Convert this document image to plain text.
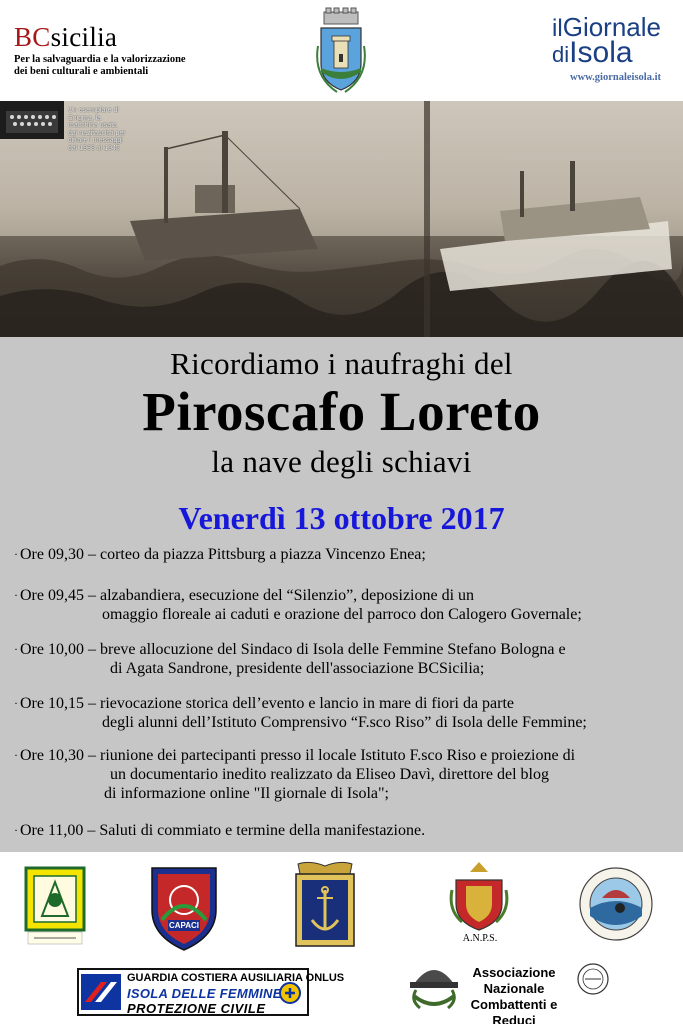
BCsicilia
Per la salvaguardia e la valorizzazione
dei beni culturali e ambientali
ilGiornale
diIsola
www.giornaleisola.it
Un esemplare di Enigma, la macchina usata dai nazifascisti per cifrare i messaggi dal 1938 al 1945
Ricordiamo i naufraghi del
Piroscafo Loreto
la nave degli schiavi
Venerdì 13 ottobre 2017
· Ore 09,30 – corteo da piazza Pittsburg a piazza Vincenzo Enea;
· Ore 09,45 – alzabandiera, esecuzione del “Silenzio”, deposizione di un
omaggio floreale ai caduti e orazione del parroco don Calogero Governale;
· Ore 10,00 – breve allocuzione del Sindaco di Isola delle Femmine Stefano Bologna e
di Agata Sandrone, presidente dell'associazione BCSicilia;
· Ore 10,15 – rievocazione storica dell’evento e lancio in mare di fiori da parte
degli alunni dell’Istituto Comprensivo “F.sco Riso” di Isola delle Femmine;
· Ore 10,30 – riunione dei partecipanti presso il locale Istituto F.sco Riso e proiezione di
un documentario inedito realizzato da Eliseo Davì, direttore del blog
di informazione online "Il giornale di Isola";
· Ore 11,00 – Saluti di commiato e termine della manifestazione.
CAPACI
A.N.P.S.
GUARDIA COSTIERA AUSILIARIA ONLUS
ISOLA DELLE FEMMINE
PROTEZIONE CIVILE
Associazione
Nazionale
Combattenti e Reduci
